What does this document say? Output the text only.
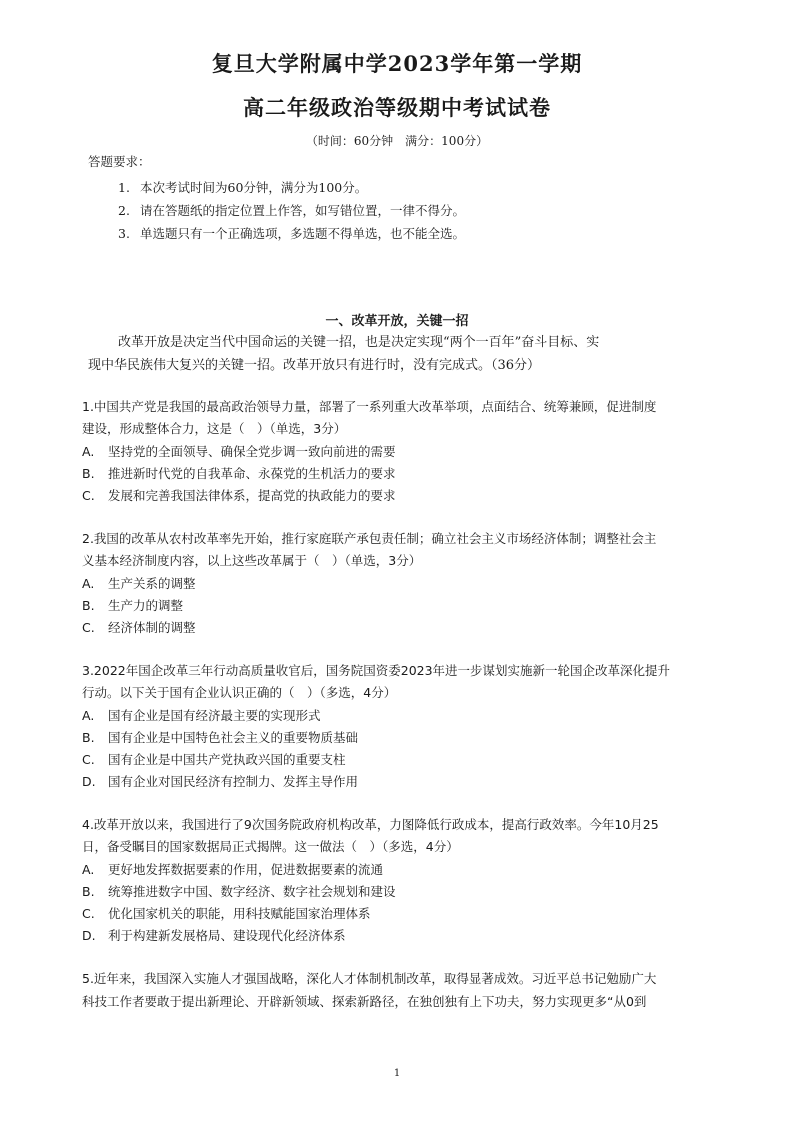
复旦大学附属中学2023学年第一学期
高二年级政治等级期中考试试卷
（时间：60分钟　满分：100分）
答题要求：
1. 本次考试时间为60分钟，满分为100分。
2. 请在答题纸的指定位置上作答，如写错位置，一律不得分。
3. 单选题只有一个正确选项，多选题不得单选，也不能全选。
一、改革开放，关键一招
改革开放是决定当代中国命运的关键一招，也是决定实现“两个一百年”奋斗目标、实
现中华民族伟大复兴的关键一招。改革开放只有进行时，没有完成式。（36分）
1.中国共产党是我国的最高政治领导力量，部署了一系列重大改革举项，点面结合、统筹兼顾，促进制度
建设，形成整体合力，这是（　）（单选，3分）
A. 坚持党的全面领导、确保全党步调一致向前进的需要
B. 推进新时代党的自我革命、永葆党的生机活力的要求
C. 发展和完善我国法律体系，提高党的执政能力的要求
2.我国的改革从农村改革率先开始，推行家庭联产承包责任制；确立社会主义市场经济体制；调整社会主
义基本经济制度内容，以上这些改革属于（　）（单选，3分）
A. 生产关系的调整
B. 生产力的调整
C. 经济体制的调整
3.2022年国企改革三年行动高质量收官后，国务院国资委2023年进一步谋划实施新一轮国企改革深化提升
行动。以下关于国有企业认识正确的（　）（多选，4分）
A. 国有企业是国有经济最主要的实现形式
B. 国有企业是中国特色社会主义的重要物质基础
C. 国有企业是中国共产党执政兴国的重要支柱
D. 国有企业对国民经济有控制力、发挥主导作用
4.改革开放以来，我国进行了9次国务院政府机构改革，力图降低行政成本，提高行政效率。今年10月25
日，备受瞩目的国家数据局正式揭牌。这一做法（　）（多选，4分）
A. 更好地发挥数据要素的作用，促进数据要素的流通
B. 统筹推进数字中国、数字经济、数字社会规划和建设
C. 优化国家机关的职能，用科技赋能国家治理体系
D. 利于构建新发展格局、建设现代化经济体系
5.近年来，我国深入实施人才强国战略，深化人才体制机制改革，取得显著成效。习近平总书记勉励广大
科技工作者要敢于提出新理论、开辟新领域、探索新路径，在独创独有上下功夫，努力实现更多“从0到
1
